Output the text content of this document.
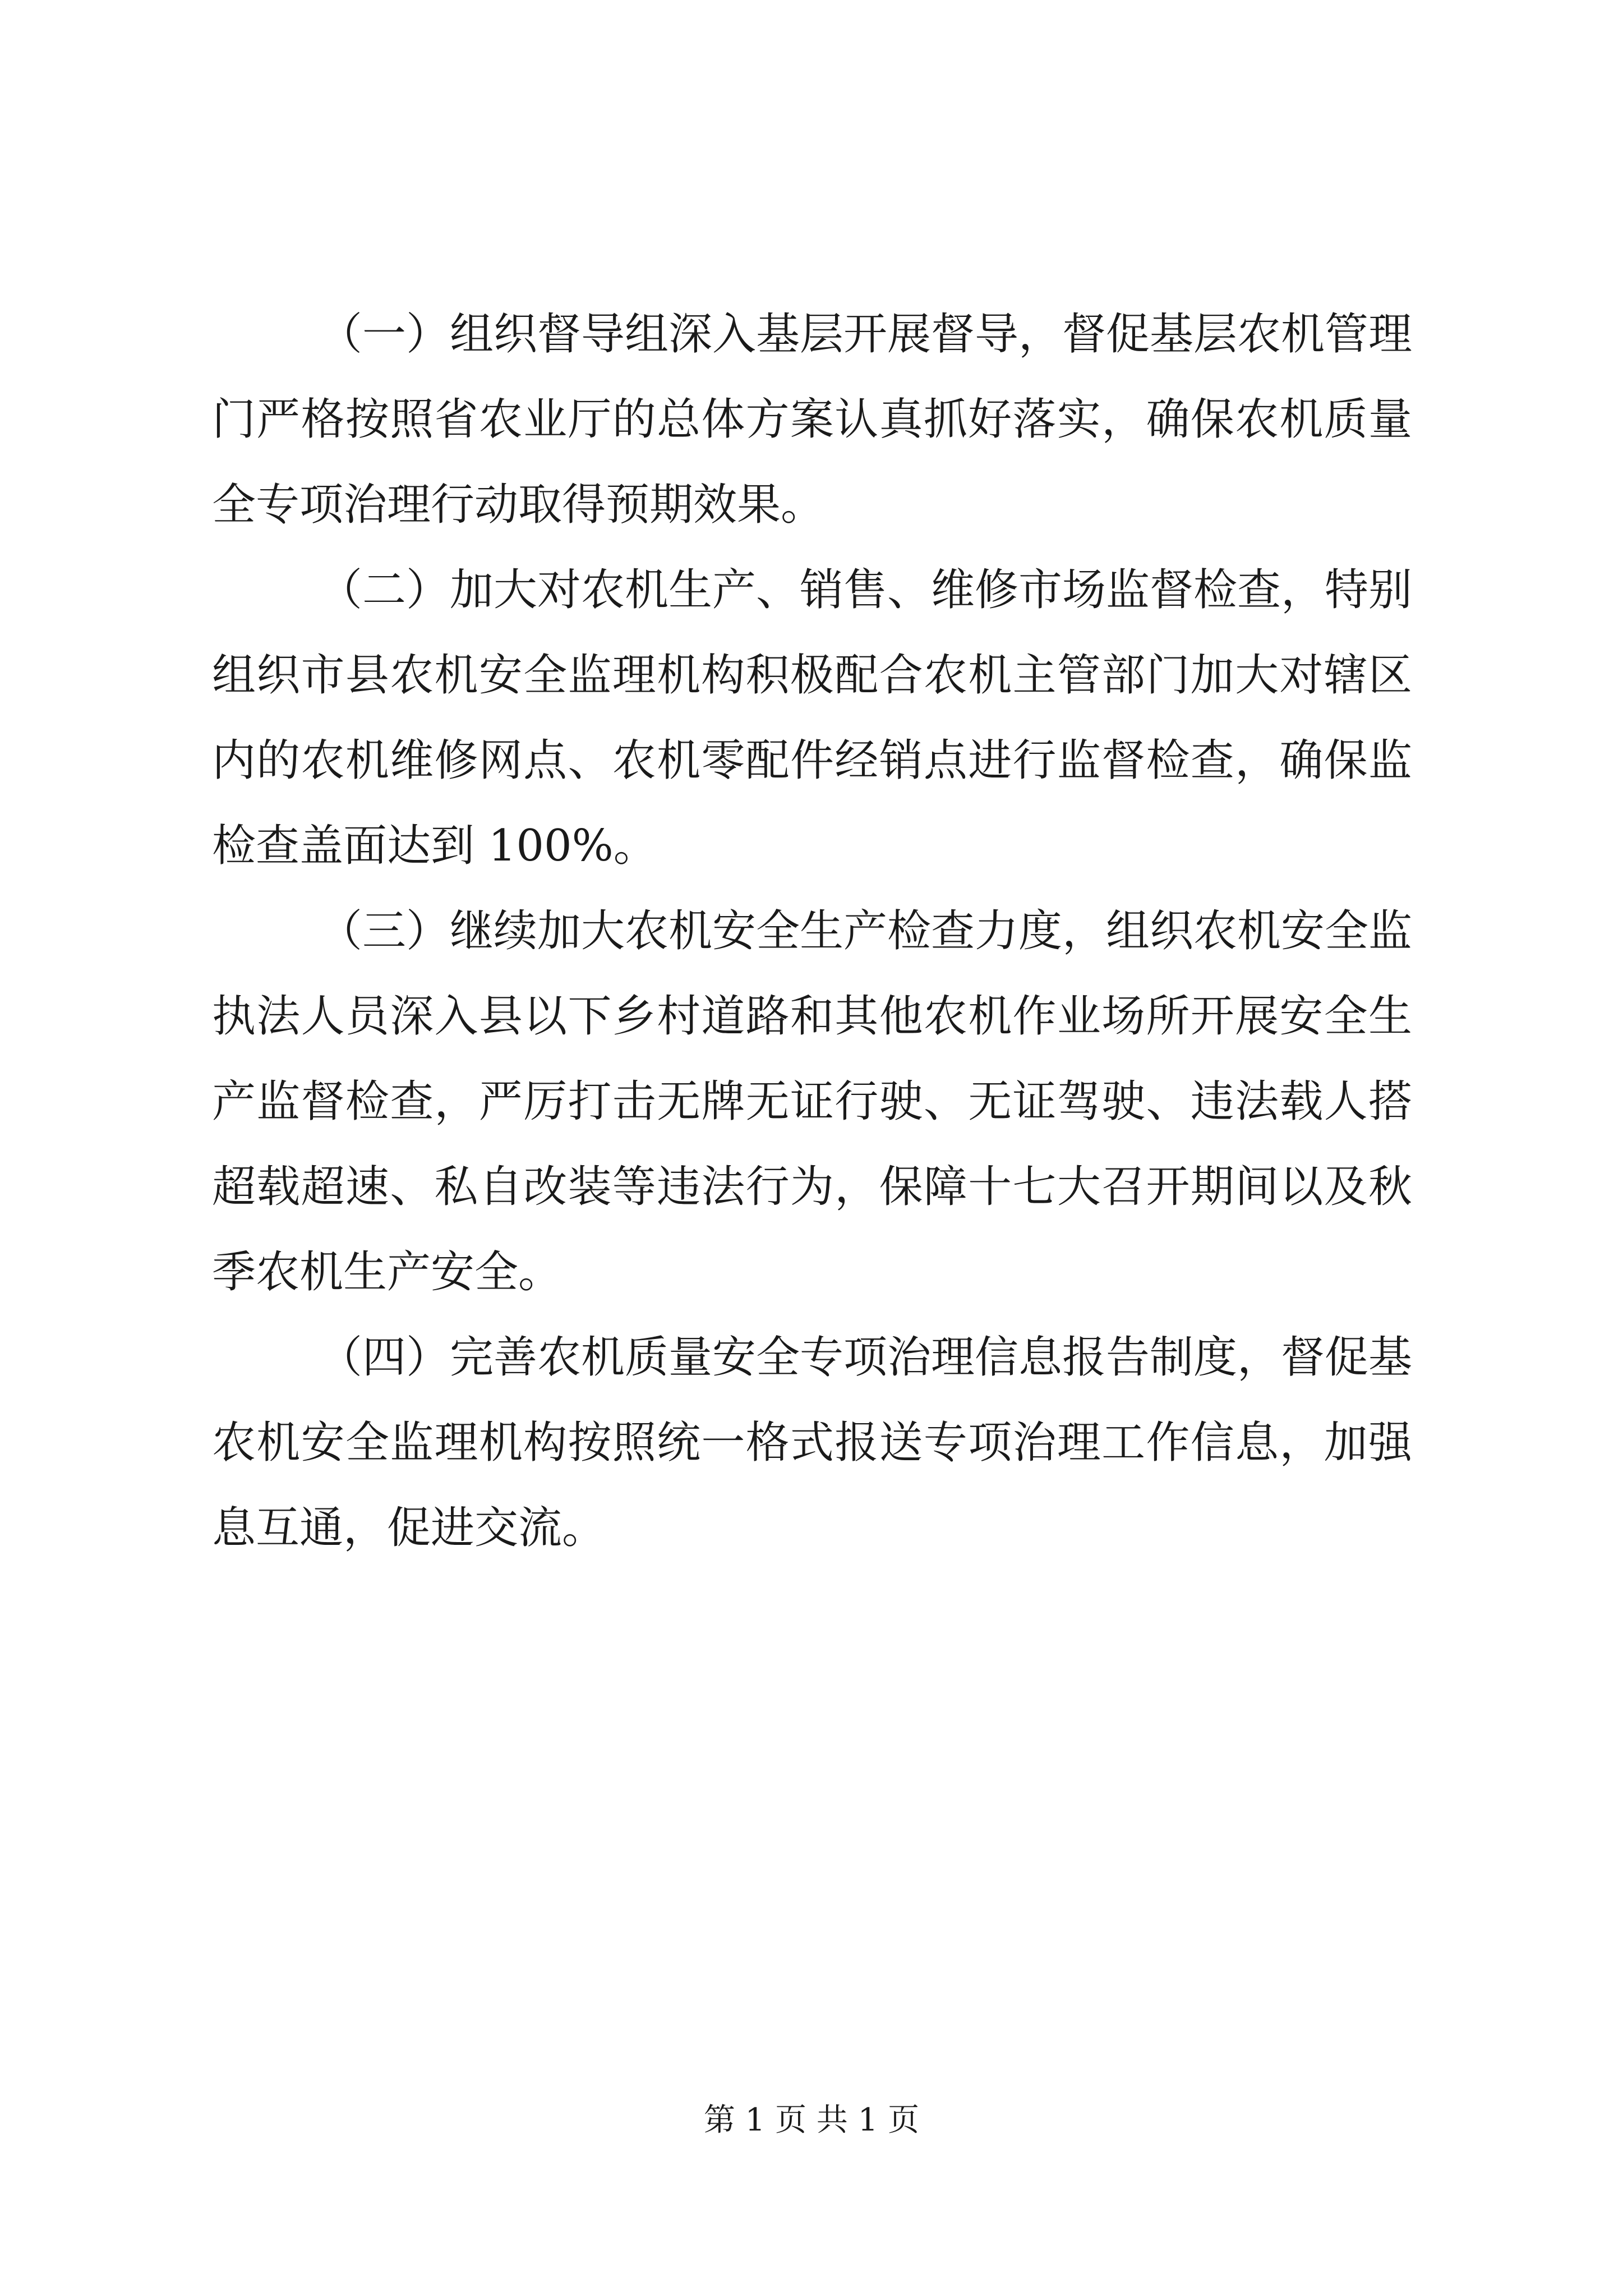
（一）组织督导组深入基层开展督导，督促基层农机管理
门严格按照省农业厅的总体方案认真抓好落实，确保农机质量
全专项治理行动取得预期效果。
（二）加大对农机生产、销售、维修市场监督检查，特别
组织市县农机安全监理机构积极配合农机主管部门加大对辖区
内的农机维修网点、农机零配件经销点进行监督检查，确保监
检查盖面达到 100%。
（三）继续加大农机安全生产检查力度，组织农机安全监
执法人员深入县以下乡村道路和其他农机作业场所开展安全生
产监督检查，严厉打击无牌无证行驶、无证驾驶、违法载人搭
超载超速、私自改装等违法行为，保障十七大召开期间以及秋
季农机生产安全。
（四）完善农机质量安全专项治理信息报告制度，督促基
农机安全监理机构按照统一格式报送专项治理工作信息，加强
息互通，促进交流。
第 1 页 共 1 页
